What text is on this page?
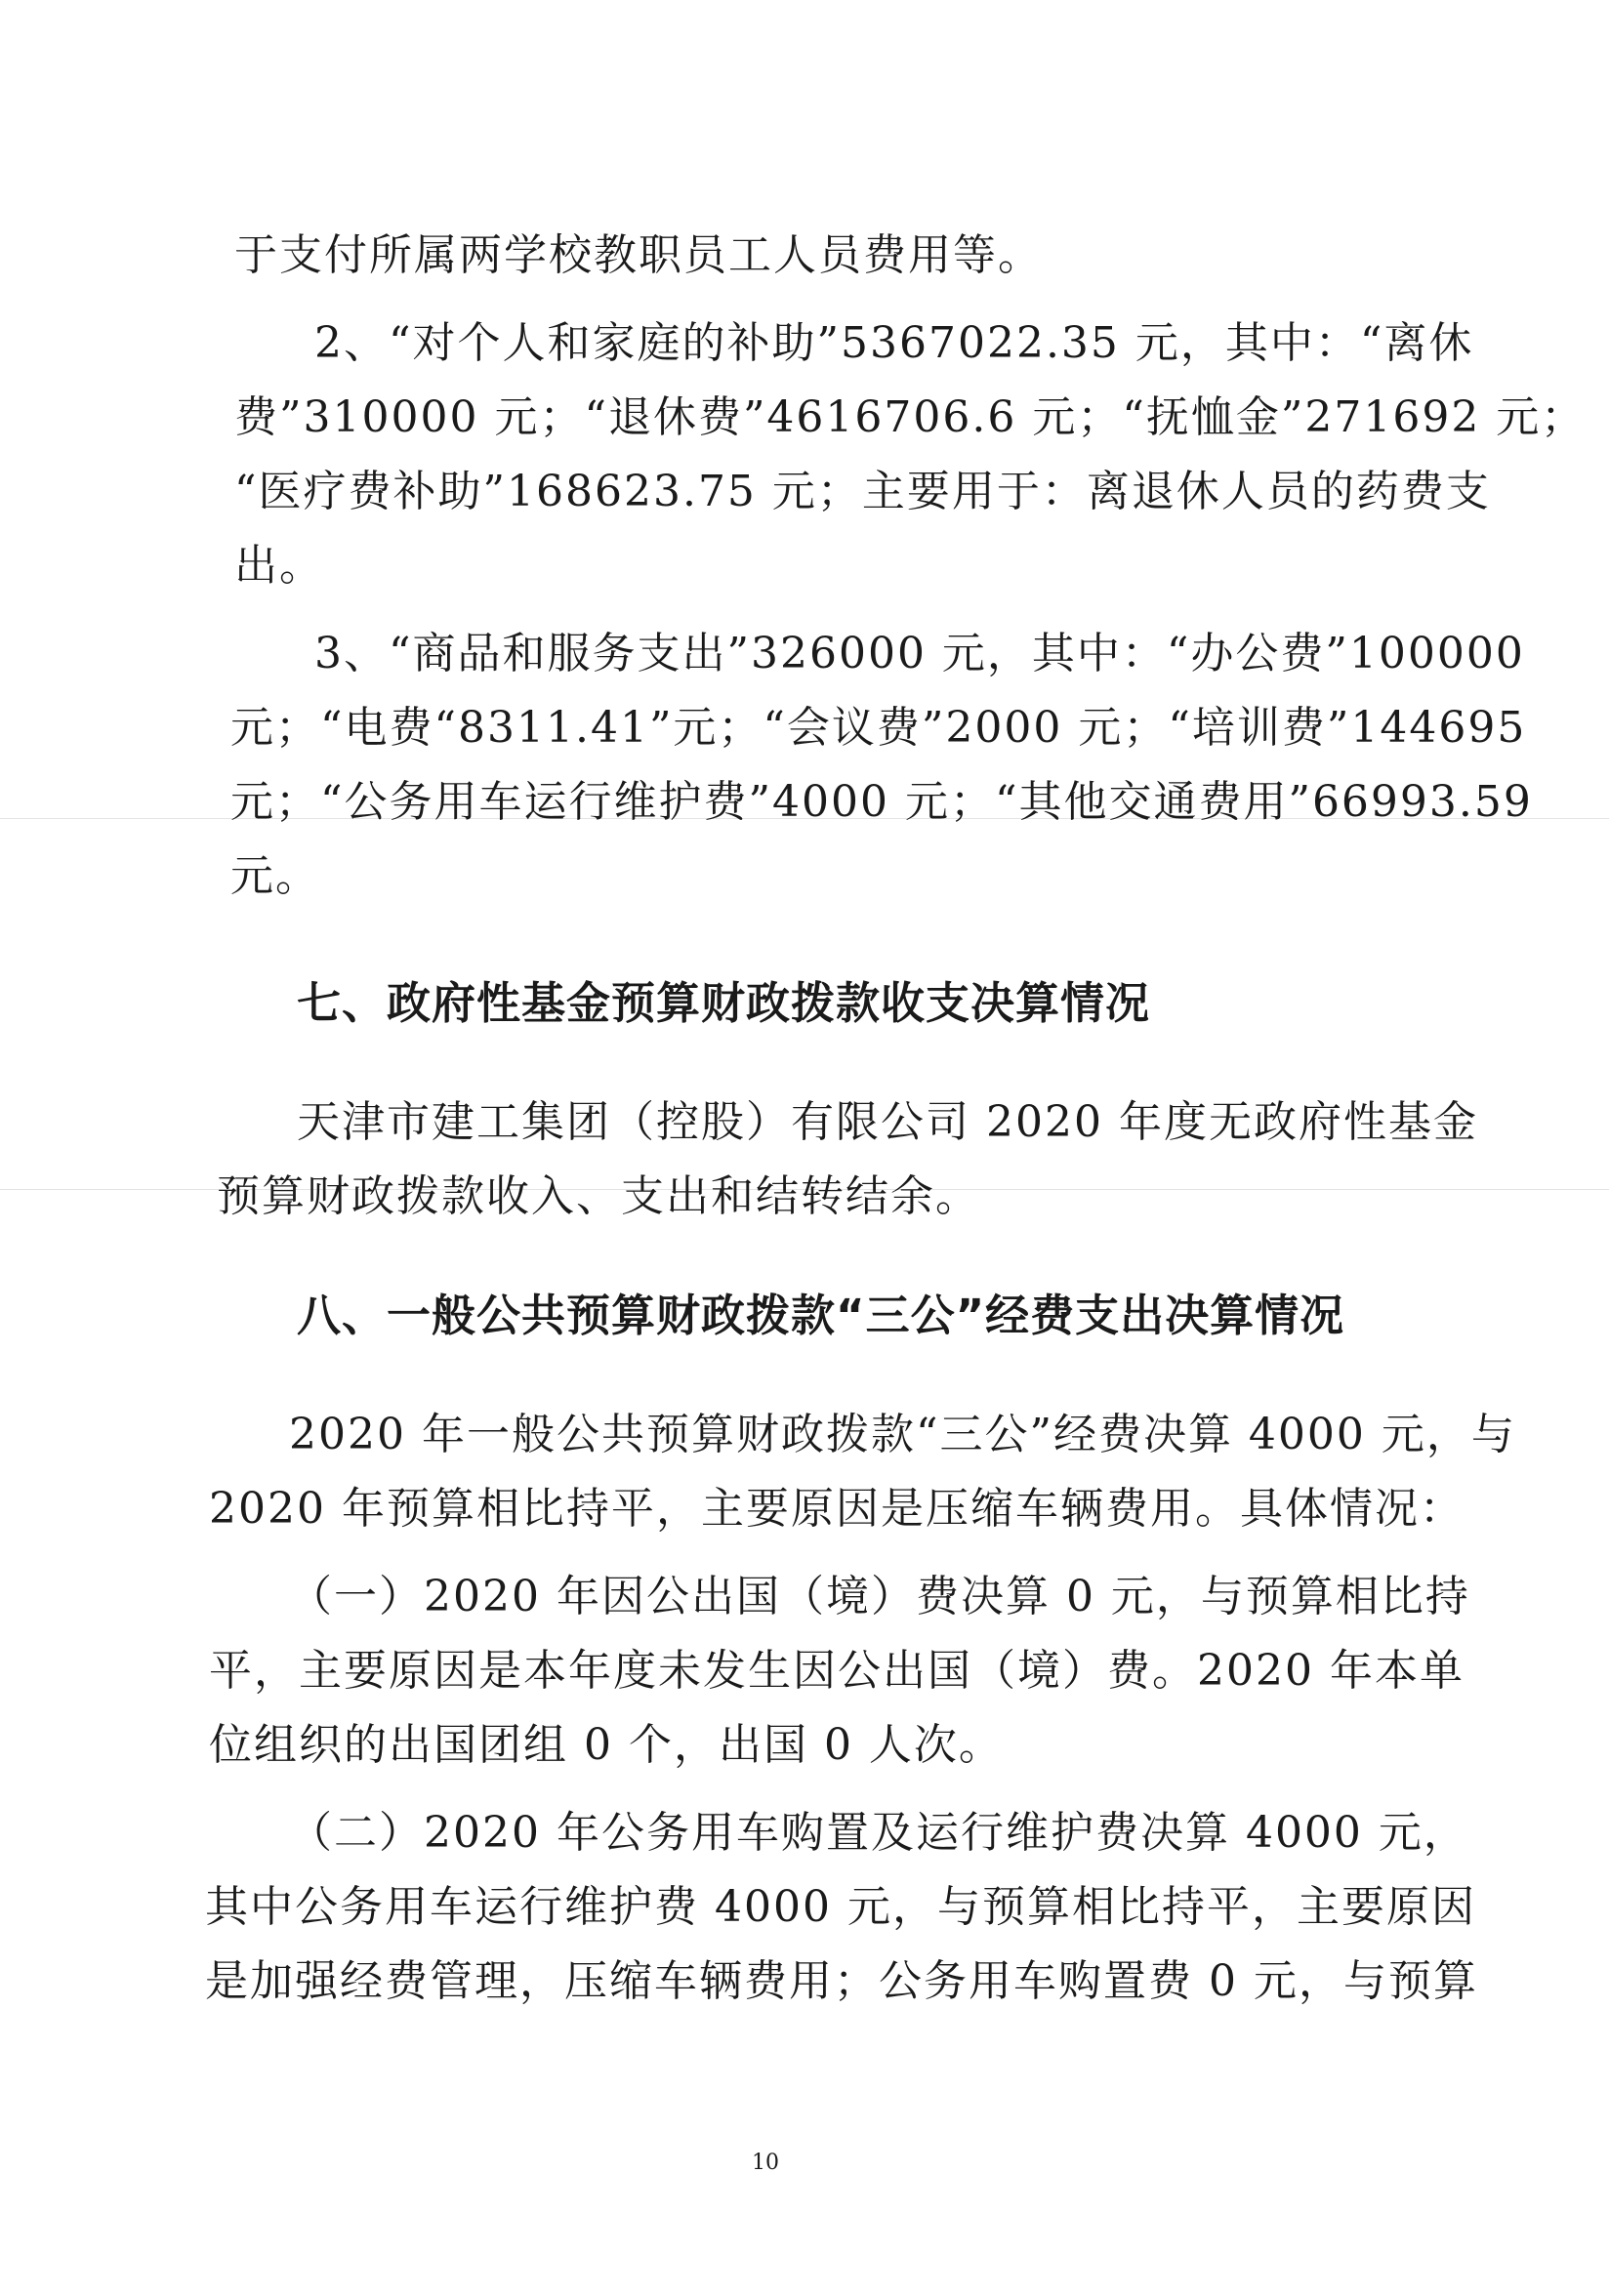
于支付所属两学校教职员工人员费用等。
2、“对个人和家庭的补助”5367022.35 元，其中：“离休
费”310000 元；“退休费”4616706.6 元；“抚恤金”271692 元；
“医疗费补助”168623.75 元；主要用于：离退休人员的药费支
出。
3、“商品和服务支出”326000 元，其中：“办公费”100000
元；“电费“8311.41”元；“会议费”2000 元；“培训费”144695
元；“公务用车运行维护费”4000 元；“其他交通费用”66993.59
元。
七、政府性基金预算财政拨款收支决算情况
天津市建工集团（控股）有限公司 2020 年度无政府性基金
预算财政拨款收入、支出和结转结余。
八、一般公共预算财政拨款“三公”经费支出决算情况
2020 年一般公共预算财政拨款“三公”经费决算 4000 元，与
2020 年预算相比持平，主要原因是压缩车辆费用。具体情况：
（一）2020 年因公出国（境）费决算 0 元，与预算相比持
平，主要原因是本年度未发生因公出国（境）费。2020 年本单
位组织的出国团组 0 个，出国 0 人次。
（二）2020 年公务用车购置及运行维护费决算 4000 元，
其中公务用车运行维护费 4000 元，与预算相比持平，主要原因
是加强经费管理，压缩车辆费用；公务用车购置费 0 元，与预算
10
